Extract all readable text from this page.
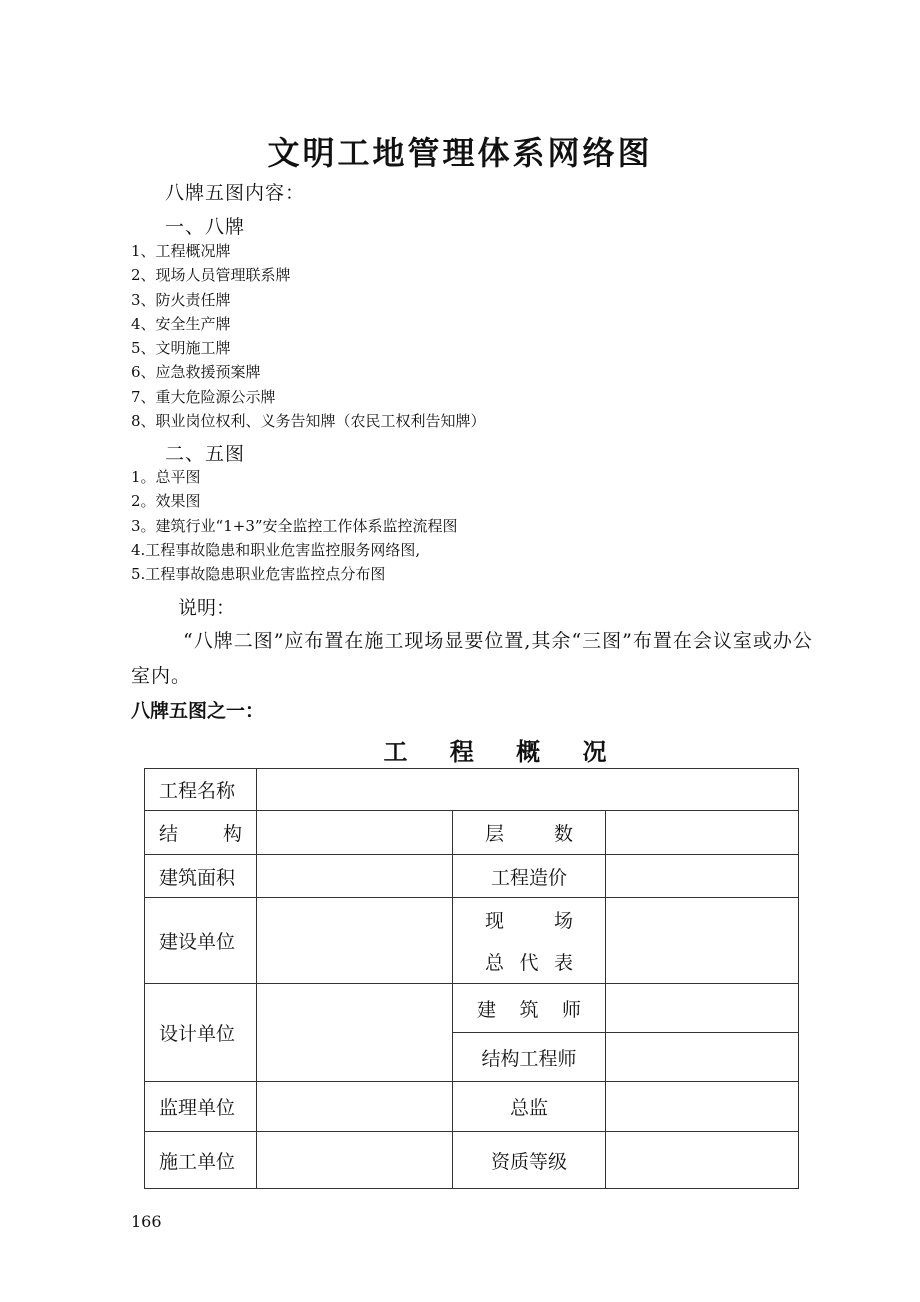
文明工地管理体系网络图
八牌五图内容：
一、八牌
1、工程概况牌
2、现场人员管理联系牌
3、防火责任牌
4、安全生产牌
5、文明施工牌
6、应急救援预案牌
7、重大危险源公示牌
8、职业岗位权利、义务告知牌（农民工权利告知牌）
二、五图
1。总平图
2。效果图
3。建筑行业“1+3”安全监控工作体系监控流程图
4.工程事故隐患和职业危害监控服务网络图,
5.工程事故隐患职业危害监控点分布图
说明：
“八牌二图”应布置在施工现场显要位置,其余“三图”布置在会议室或办公室内。
八牌五图之一：
工 程 概 况
工程名称			

结 构		层 数	

建筑面积		工程造价	
建设单位		现 场
总 代 表	

设计单位		建 筑 师	

		结构工程师	
监理单位		总监	
施工单位		资质等级	
166
